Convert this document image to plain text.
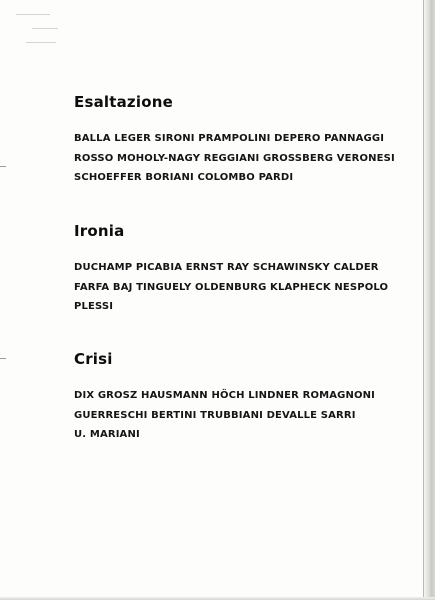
Esaltazione
BALLA LEGER SIRONI PRAMPOLINI DEPERO PANNAGGI
ROSSO MOHOLY-NAGY REGGIANI GROSSBERG VERONESI
SCHOEFFER BORIANI COLOMBO PARDI
Ironia
DUCHAMP PICABIA ERNST RAY SCHAWINSKY CALDER
FARFA BAJ TINGUELY OLDENBURG KLAPHECK NESPOLO
PLESSI
Crisi
DIX GROSZ HAUSMANN HÖCH LINDNER ROMAGNONI
GUERRESCHI BERTINI TRUBBIANI DEVALLE SARRI
U. MARIANI
